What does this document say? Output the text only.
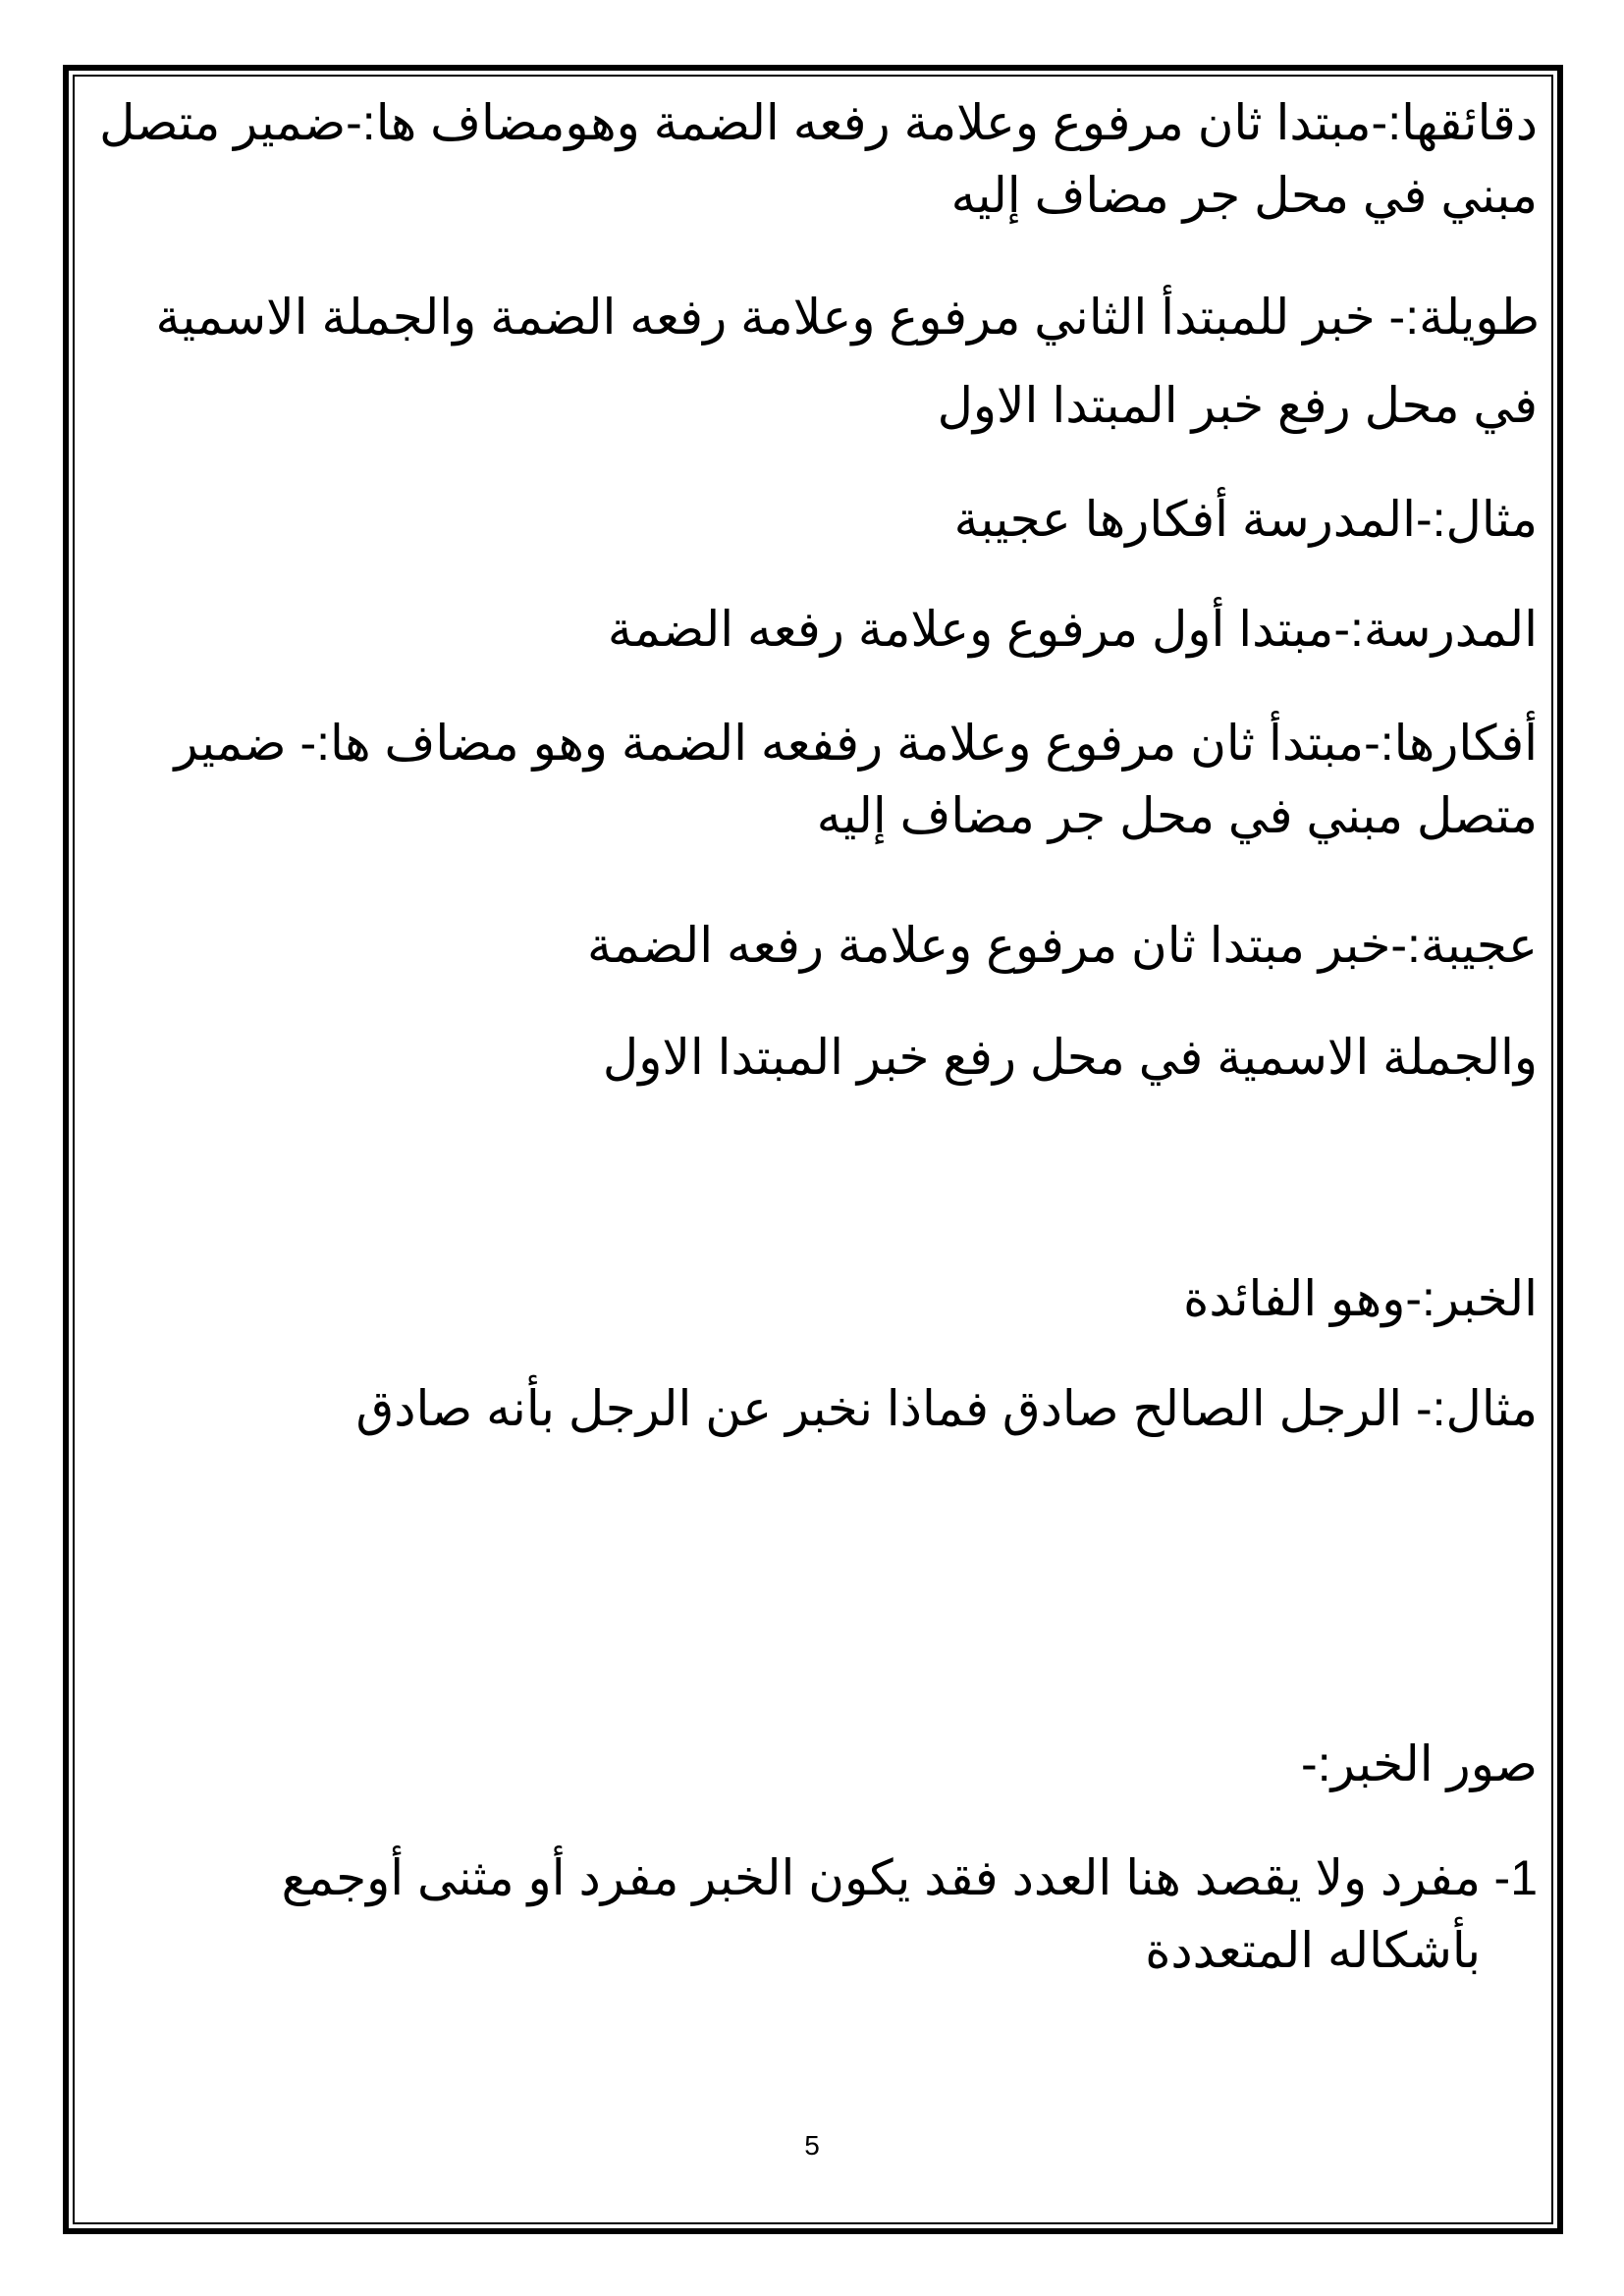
دقائقها:-مبتدا ثان مرفوع وعلامة رفعه الضمة وهومضاف ها:-ضمير متصل مبني في محل جر مضاف إليه
طويلة:- خبر للمبتدأ الثاني مرفوع وعلامة رفعه الضمة والجملة الاسمية
في محل رفع خبر المبتدا الاول
مثال:-المدرسة أفكارها عجيبة
المدرسة:-مبتدا أول مرفوع وعلامة رفعه الضمة
أفكارها:-مبتدأ ثان مرفوع وعلامة رففعه الضمة وهو مضاف ها:- ضمير متصل مبني في محل جر مضاف إليه
عجيبة:-خبر مبتدا ثان مرفوع وعلامة رفعه الضمة
والجملة الاسمية في محل رفع خبر المبتدا الاول
الخبر:-وهو الفائدة
مثال:- الرجل الصالح صادق فماذا نخبر عن الرجل بأنه صادق
صور الخبر:-
1-
مفرد ولا يقصد هنا العدد فقد يكون الخبر مفرد أو مثنى أوجمع بأشكاله المتعددة
5
